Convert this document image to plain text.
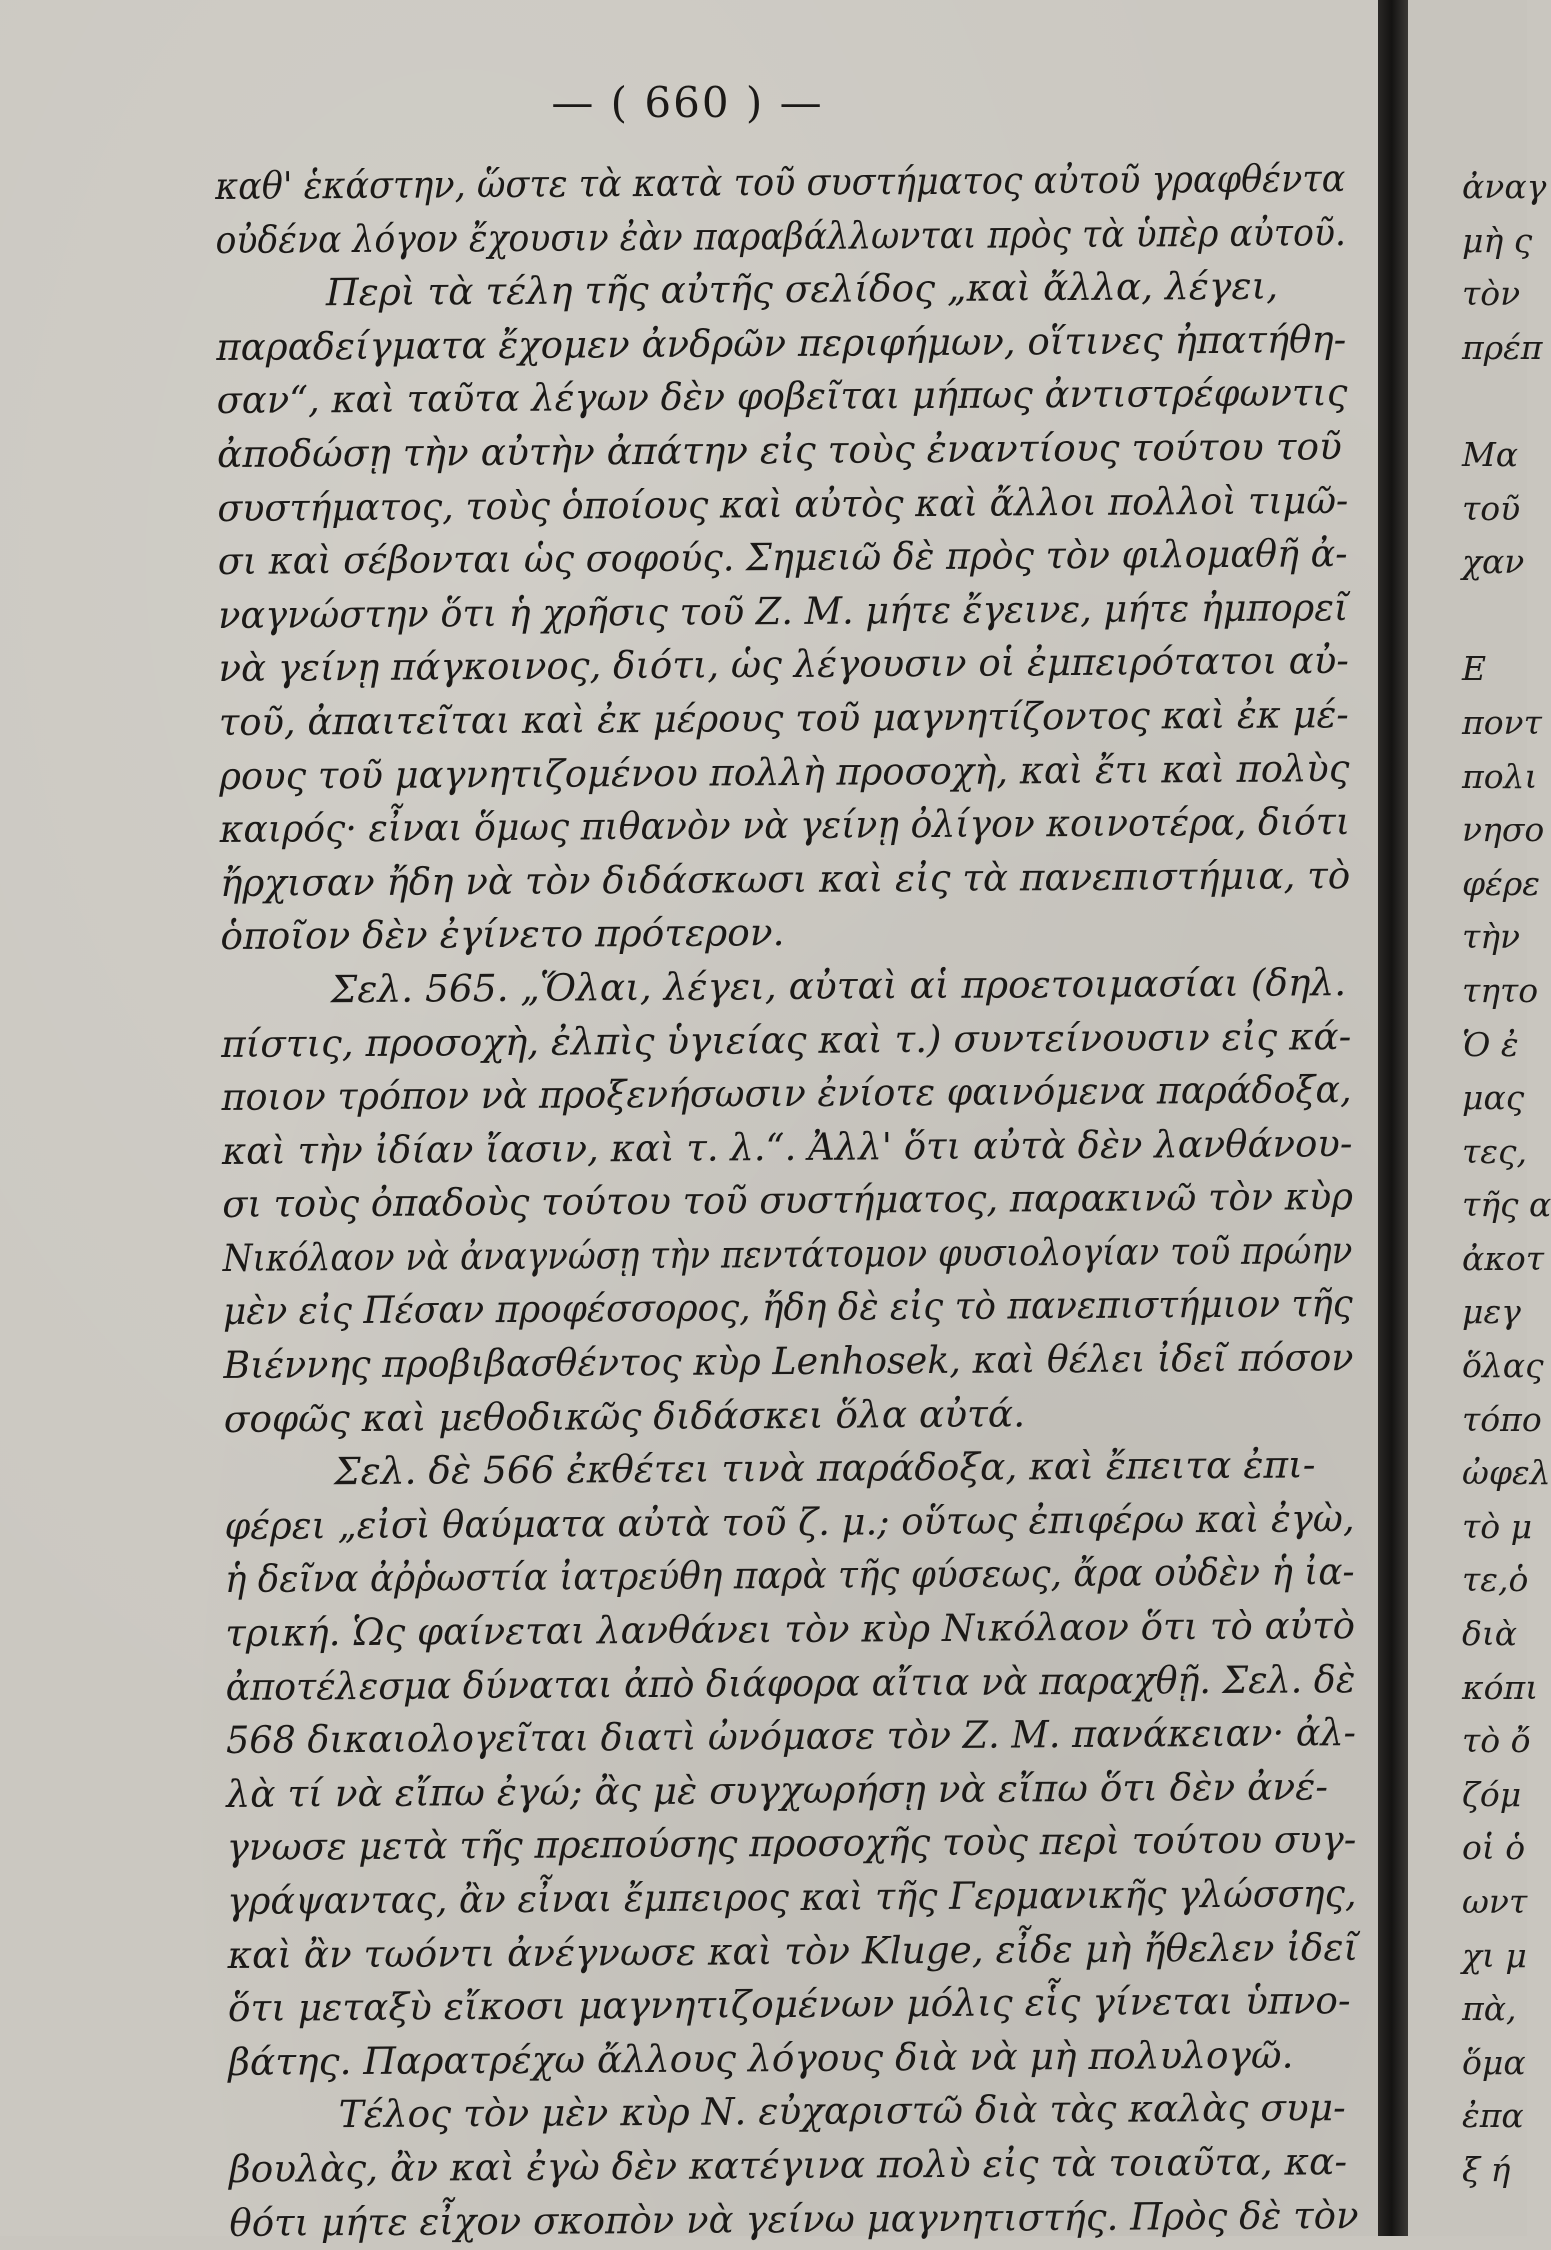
— ( 660 ) —
καθ' ἑκάστην, ὥστε τὰ κατὰ τοῦ συστήματος αὐτοῦ γραφθέντα
οὐδένα λόγον ἔχουσιν ἐὰν παραβάλλωνται πρὸς τὰ ὑπὲρ αὐτοῦ.
Περὶ τὰ τέλη τῆς αὐτῆς σελίδος „καὶ ἄλλα, λέγει,
παραδείγματα ἔχομεν ἀνδρῶν περιφήμων, οἵτινες ἠπατήθη-
σαν“, καὶ ταῦτα λέγων δὲν φοβεῖται μήπως ἀντιστρέφωντις
ἀποδώσῃ τὴν αὐτὴν ἀπάτην εἰς τοὺς ἐναντίους τούτου τοῦ
συστήματος, τοὺς ὁποίους καὶ αὐτὸς καὶ ἄλλοι πολλοὶ τιμῶ-
σι καὶ σέβονται ὡς σοφούς. Σημειῶ δὲ πρὸς τὸν φιλομαθῆ ἀ-
ναγνώστην ὅτι ἡ χρῆσις τοῦ Ζ. Μ. μήτε ἔγεινε, μήτε ἠμπορεῖ
νὰ γείνῃ πάγκοινος, διότι, ὡς λέγουσιν οἱ ἐμπειρότατοι αὐ-
τοῦ, ἀπαιτεῖται καὶ ἐκ μέρους τοῦ μαγνητίζοντος καὶ ἐκ μέ-
ρους τοῦ μαγνητιζομένου πολλὴ προσοχὴ, καὶ ἔτι καὶ πολὺς
καιρός· εἶναι ὅμως πιθανὸν νὰ γείνῃ ὀλίγον κοινοτέρα, διότι
ἤρχισαν ἤδη νὰ τὸν διδάσκωσι καὶ εἰς τὰ πανεπιστήμια, τὸ
ὁποῖον δὲν ἐγίνετο πρότερον.
Σελ. 565. „Ὅλαι, λέγει, αὐταὶ αἱ προετοιμασίαι (δηλ.
πίστις, προσοχὴ, ἐλπὶς ὑγιείας καὶ τ.) συντείνουσιν εἰς κά-
ποιον τρόπον νὰ προξενήσωσιν ἐνίοτε φαινόμενα παράδοξα,
καὶ τὴν ἰδίαν ἴασιν, καὶ τ. λ.“. Ἀλλ' ὅτι αὐτὰ δὲν λανθάνου-
σι τοὺς ὀπαδοὺς τούτου τοῦ συστήματος, παρακινῶ τὸν κὺρ
Νικόλαον νὰ ἀναγνώσῃ τὴν πεντάτομον φυσιολογίαν τοῦ πρώην
μὲν εἰς Πέσαν προφέσσορος, ἤδη δὲ εἰς τὸ πανεπιστήμιον τῆς
Βιέννης προβιβασθέντος κὺρ Lenhosek, καὶ θέλει ἰδεῖ πόσον
σοφῶς καὶ μεθοδικῶς διδάσκει ὅλα αὐτά.
Σελ. δὲ 566 ἐκθέτει τινὰ παράδοξα, καὶ ἔπειτα ἐπι-
φέρει „εἰσὶ θαύματα αὐτὰ τοῦ ζ. μ.; οὕτως ἐπιφέρω καὶ ἐγὼ,
ἡ δεῖνα ἀῤῥωστία ἰατρεύθη παρὰ τῆς φύσεως, ἄρα οὐδὲν ἡ ἰα-
τρική. Ὡς φαίνεται λανθάνει τὸν κὺρ Νικόλαον ὅτι τὸ αὐτὸ
ἀποτέλεσμα δύναται ἀπὸ διάφορα αἴτια νὰ παραχθῇ. Σελ. δὲ
568 δικαιολογεῖται διατὶ ὠνόμασε τὸν Ζ. Μ. πανάκειαν· ἀλ-
λὰ τί νὰ εἴπω ἐγώ; ἂς μὲ συγχωρήσῃ νὰ εἴπω ὅτι δὲν ἀνέ-
γνωσε μετὰ τῆς πρεπούσης προσοχῆς τοὺς περὶ τούτου συγ-
γράψαντας, ἂν εἶναι ἔμπειρος καὶ τῆς Γερμανικῆς γλώσσης,
καὶ ἂν τωόντι ἀνέγνωσε καὶ τὸν Kluge, εἶδε μὴ ἤθελεν ἰδεῖ
ὅτι μεταξὺ εἴκοσι μαγνητιζομένων μόλις εἷς γίνεται ὑπνο-
βάτης. Παρατρέχω ἄλλους λόγους διὰ νὰ μὴ πολυλογῶ.
Τέλος τὸν μὲν κὺρ Ν. εὐχαριστῶ διὰ τὰς καλὰς συμ-
βουλὰς, ἂν καὶ ἐγὼ δὲν κατέγινα πολὺ εἰς τὰ τοιαῦτα, κα-
θότι μήτε εἶχον σκοπὸν νὰ γείνω μαγνητιστής. Πρὸς δὲ τὸν
ἀναγ
μὴ ς
τὸν
πρέπ
Μα
τοῦ
χαν
Ε
ποντ
πολι
νησο
φέρε
τὴν
τητο
Ὁ ἐ
μας
τες,
τῆς α
ἀκοτ
μεγ
ὅλας
τόπο
ὠφελ
τὸ μ
τε,ὁ
διὰ
κόπι
τὸ ὄ
ζόμ
οἱ ὁ
ωντ
χι μ
πὰ,
ὅμα
ἐπα
ξ ή
